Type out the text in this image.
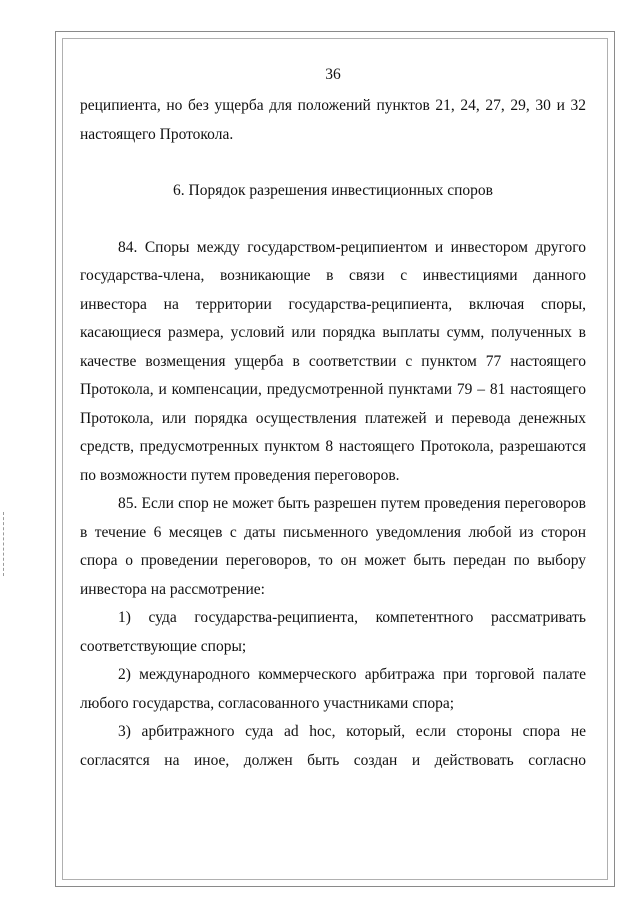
36

реципиента, но без ущерба для положений пунктов 21, 24, 27, 29, 30 и 32 настоящего Протокола.

6. Порядок разрешения инвестиционных споров

84. Споры между государством-реципиентом и инвестором другого государства-члена, возникающие в связи с инвестициями данного инвестора на территории государства-реципиента, включая споры, касающиеся размера, условий или порядка выплаты сумм, полученных в качестве возмещения ущерба в соответствии с пунктом 77 настоящего Протокола, и компенсации, предусмотренной пунктами 79 – 81 настоящего Протокола, или порядка осуществления платежей и перевода денежных средств, предусмотренных пунктом 8 настоящего Протокола, разрешаются по возможности путем проведения переговоров.

85. Если спор не может быть разрешен путем проведения переговоров в течение 6 месяцев с даты письменного уведомления любой из сторон спора о проведении переговоров, то он может быть передан по выбору инвестора на рассмотрение:

1) суда государства-реципиента, компетентного рассматривать соответствующие споры;

2) международного коммерческого арбитража при торговой палате любого государства, согласованного участниками спора;

3) арбитражного суда ad hoc, который, если стороны спора не согласятся на иное, должен быть создан и действовать согласно
